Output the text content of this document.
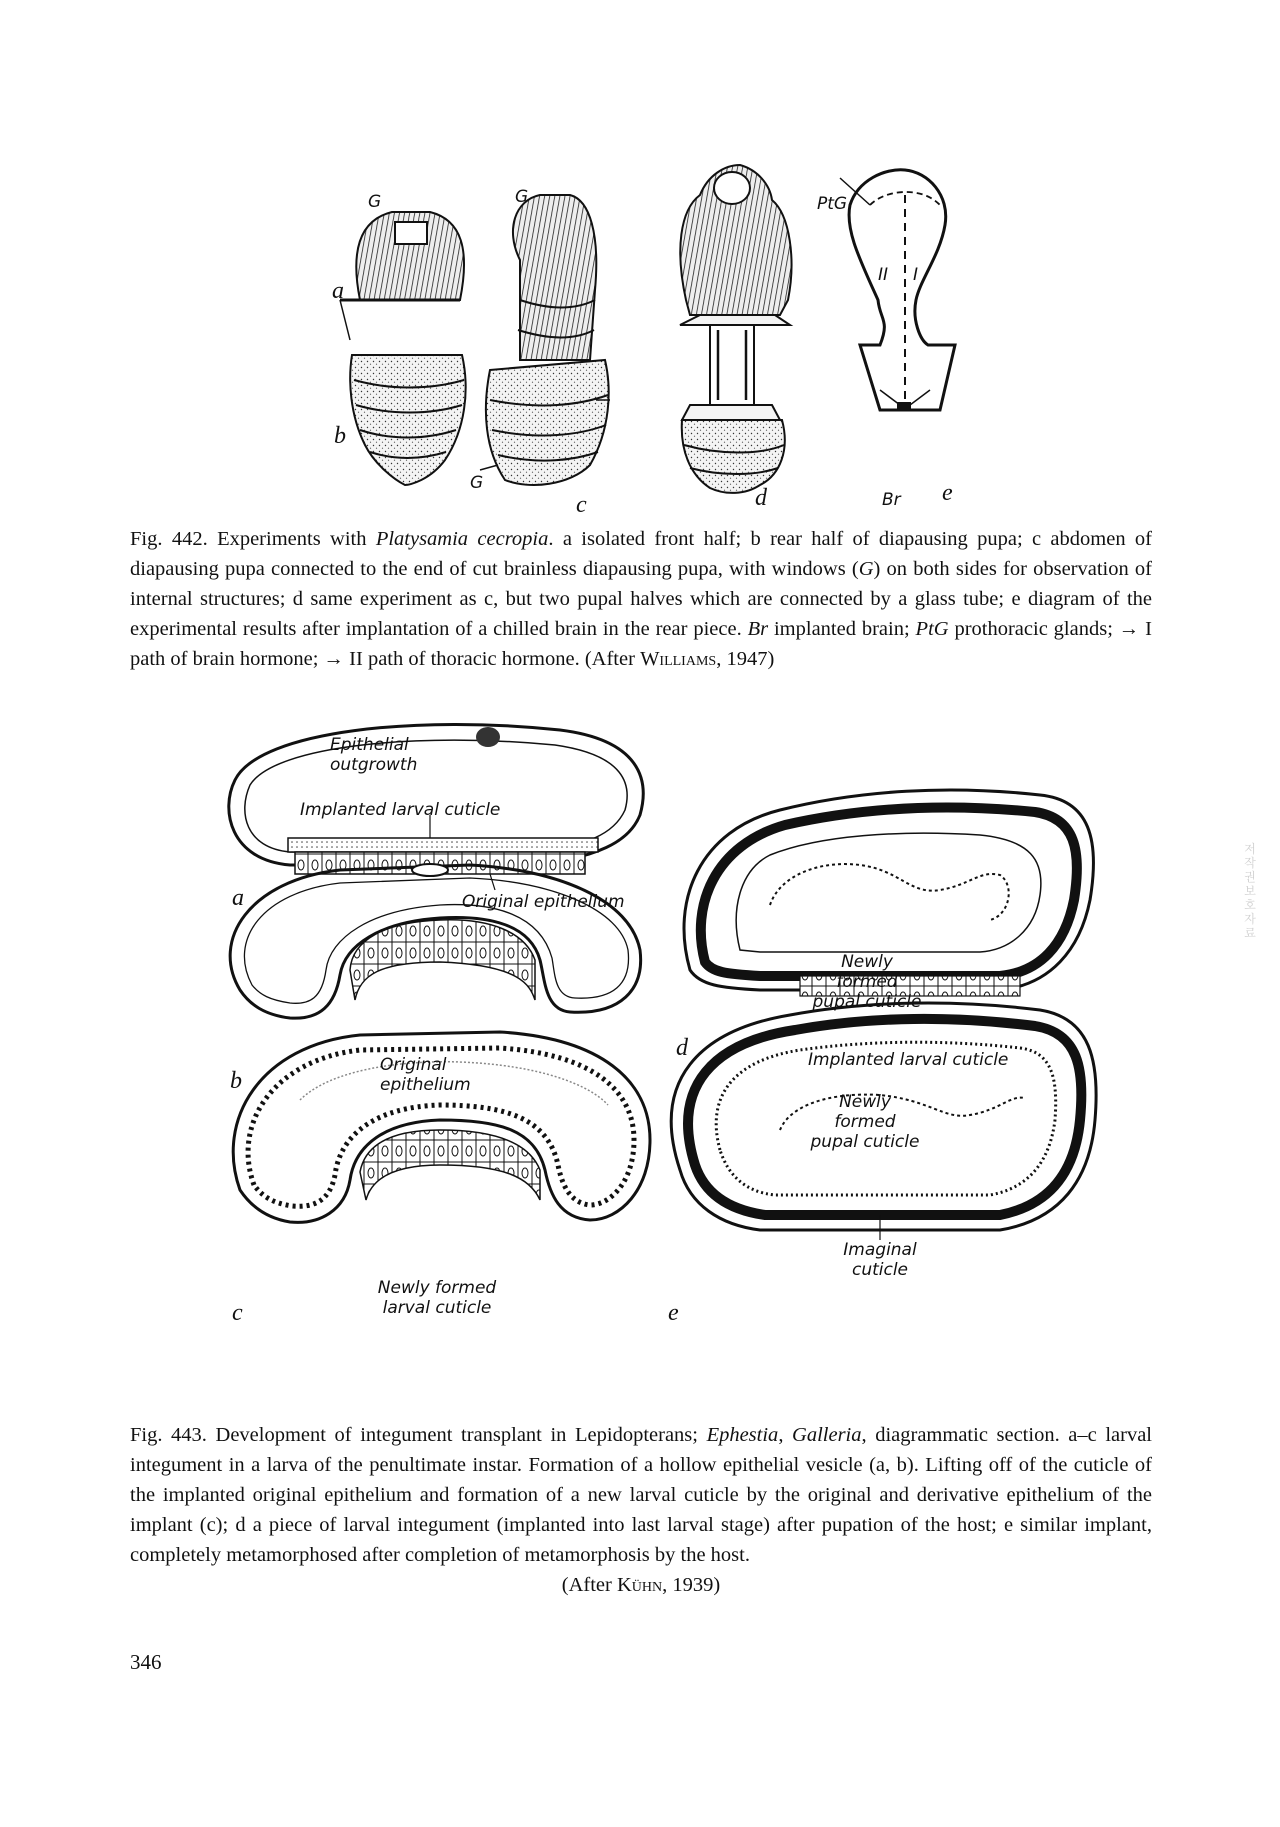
a
b
c	d	e
G	G
G
PtG
Br
II I

Fig. 442. Experiments with Platysamia cecropia. a isolated front half; b rear half of diapausing pupa; c abdomen of diapausing pupa connected to the end of cut brainless diapausing pupa, with windows (G) on both sides for observation of internal structures; d same experiment as c, but two pupal halves which are connected by a glass tube; e diagram of the experimental results after implantation of a chilled brain in the rear piece. Br implanted brain; PtG prothoracic glands; → I path of brain hormone; → II path of thoracic hormone. (After Williams, 1947)

Epithelial outgrowth
Implanted larval cuticle
Original epithelium
Original epithelium
Newly formed larval cuticle
Newly formed pupal cuticle
Implanted larval cuticle
Newly formed pupal cuticle
Imaginal cuticle
a
b
c
d
e

Fig. 443. Development of integument transplant in Lepidopterans; Ephestia, Galleria, diagrammatic section. a–c larval integument in a larva of the penultimate instar. Formation of a hollow epithelial vesicle (a, b). Lifting off of the cuticle of the implanted original epithelium and formation of a new larval cuticle by the original and derivative epithelium of the implant (c); d a piece of larval integument (implanted into last larval stage) after pupation of the host; e similar implant, completely metamorphosed after completion of metamorphosis by the host.

(After Kühn, 1939)

저작권 보호 자료
346
